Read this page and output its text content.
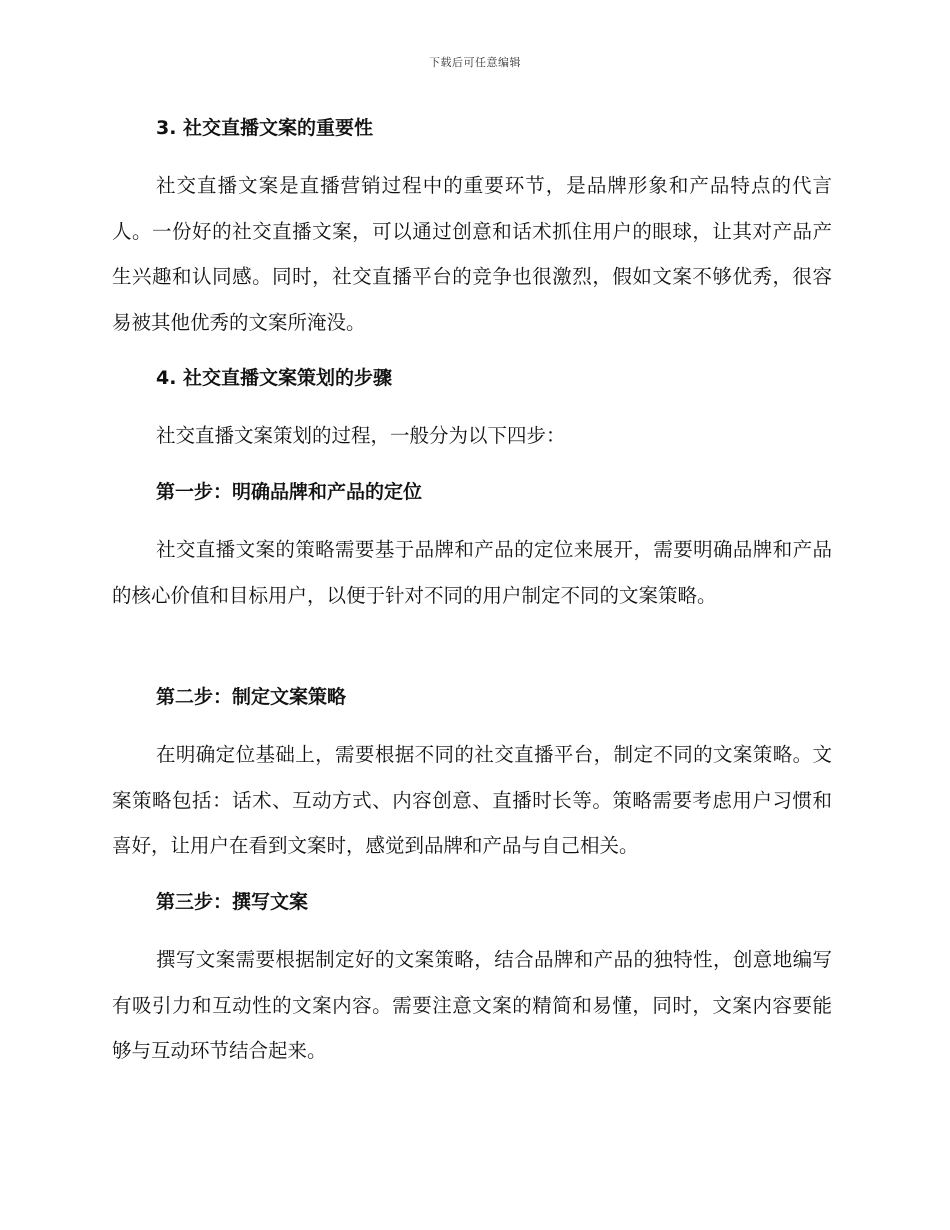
下载后可任意编辑
3. 社交直播文案的重要性
社交直播文案是直播营销过程中的重要环节，是品牌形象和产品特点的代言人。一份好的社交直播文案，可以通过创意和话术抓住用户的眼球，让其对产品产生兴趣和认同感。同时，社交直播平台的竞争也很激烈，假如文案不够优秀，很容易被其他优秀的文案所淹没。
4. 社交直播文案策划的步骤
社交直播文案策划的过程，一般分为以下四步：
第一步：明确品牌和产品的定位
社交直播文案的策略需要基于品牌和产品的定位来展开，需要明确品牌和产品的核心价值和目标用户，以便于针对不同的用户制定不同的文案策略。
第二步：制定文案策略
在明确定位基础上，需要根据不同的社交直播平台，制定不同的文案策略。文案策略包括：话术、互动方式、内容创意、直播时长等。策略需要考虑用户习惯和喜好，让用户在看到文案时，感觉到品牌和产品与自己相关。
第三步：撰写文案
撰写文案需要根据制定好的文案策略，结合品牌和产品的独特性，创意地编写有吸引力和互动性的文案内容。需要注意文案的精简和易懂，同时，文案内容要能够与互动环节结合起来。
